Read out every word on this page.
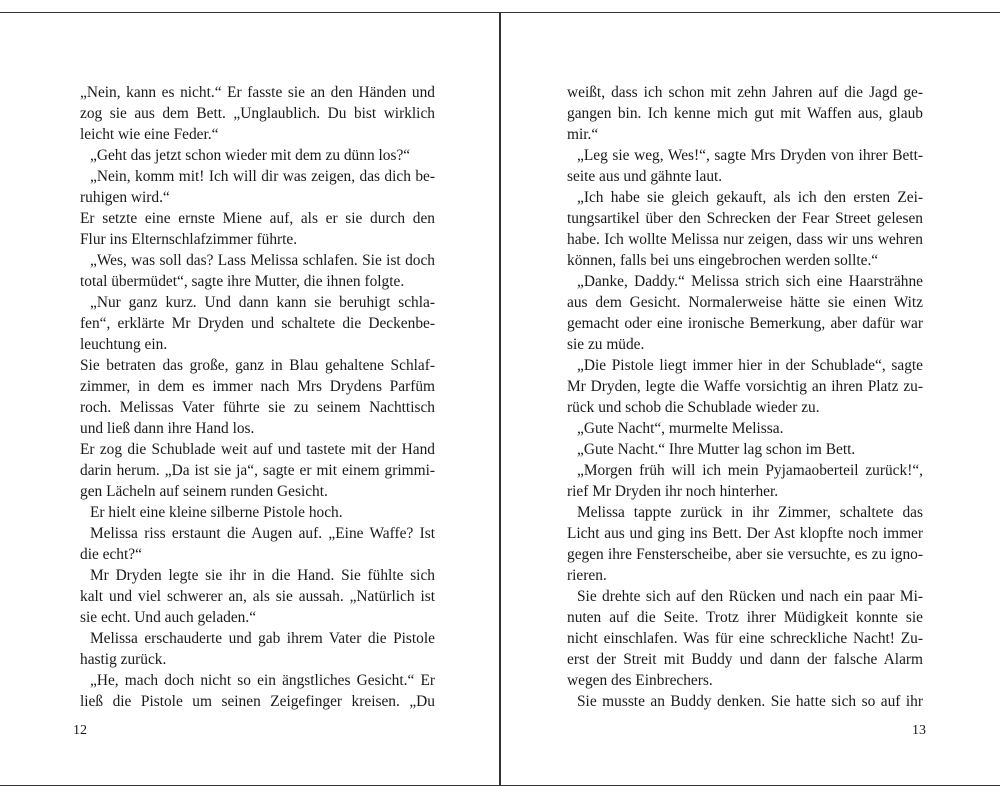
„Nein, kann es nicht.“ Er fasste sie an den Händen und
zog sie aus dem Bett. „Unglaublich. Du bist wirklich
leicht wie eine Feder.“
„Geht das jetzt schon wieder mit dem zu dünn los?“
„Nein, komm mit! Ich will dir was zeigen, das dich be-
ruhigen wird.“
Er setzte eine ernste Miene auf, als er sie durch den
Flur ins Elternschlafzimmer führte.
„Wes, was soll das? Lass Melissa schlafen. Sie ist doch
total übermüdet“, sagte ihre Mutter, die ihnen folgte.
„Nur ganz kurz. Und dann kann sie beruhigt schla-
fen“, erklärte Mr Dryden und schaltete die Deckenbe-
leuchtung ein.
Sie betraten das große, ganz in Blau gehaltene Schlaf-
zimmer, in dem es immer nach Mrs Drydens Parfüm
roch. Melissas Vater führte sie zu seinem Nachttisch
und ließ dann ihre Hand los.
Er zog die Schublade weit auf und tastete mit der Hand
darin herum. „Da ist sie ja“, sagte er mit einem grimmi-
gen Lächeln auf seinem runden Gesicht.
Er hielt eine kleine silberne Pistole hoch.
Melissa riss erstaunt die Augen auf. „Eine Waffe? Ist
die echt?“
Mr Dryden legte sie ihr in die Hand. Sie fühlte sich
kalt und viel schwerer an, als sie aussah. „Natürlich ist
sie echt. Und auch geladen.“
Melissa erschauderte und gab ihrem Vater die Pistole
hastig zurück.
„He, mach doch nicht so ein ängstliches Gesicht.“ Er
ließ die Pistole um seinen Zeigefinger kreisen. „Du
12
weißt, dass ich schon mit zehn Jahren auf die Jagd ge-
gangen bin. Ich kenne mich gut mit Waffen aus, glaub
mir.“
„Leg sie weg, Wes!“, sagte Mrs Dryden von ihrer Bett-
seite aus und gähnte laut.
„Ich habe sie gleich gekauft, als ich den ersten Zei-
tungsartikel über den Schrecken der Fear Street gelesen
habe. Ich wollte Melissa nur zeigen, dass wir uns wehren
können, falls bei uns eingebrochen werden sollte.“
„Danke, Daddy.“ Melissa strich sich eine Haarsträhne
aus dem Gesicht. Normalerweise hätte sie einen Witz
gemacht oder eine ironische Bemerkung, aber dafür war
sie zu müde.
„Die Pistole liegt immer hier in der Schublade“, sagte
Mr Dryden, legte die Waffe vorsichtig an ihren Platz zu-
rück und schob die Schublade wieder zu.
„Gute Nacht“, murmelte Melissa.
„Gute Nacht.“ Ihre Mutter lag schon im Bett.
„Morgen früh will ich mein Pyjamaoberteil zurück!“,
rief Mr Dryden ihr noch hinterher.
Melissa tappte zurück in ihr Zimmer, schaltete das
Licht aus und ging ins Bett. Der Ast klopfte noch immer
gegen ihre Fensterscheibe, aber sie versuchte, es zu igno-
rieren.
Sie drehte sich auf den Rücken und nach ein paar Mi-
nuten auf die Seite. Trotz ihrer Müdigkeit konnte sie
nicht einschlafen. Was für eine schreckliche Nacht! Zu-
erst der Streit mit Buddy und dann der falsche Alarm
wegen des Einbrechers.
Sie musste an Buddy denken. Sie hatte sich so auf ihr
13
